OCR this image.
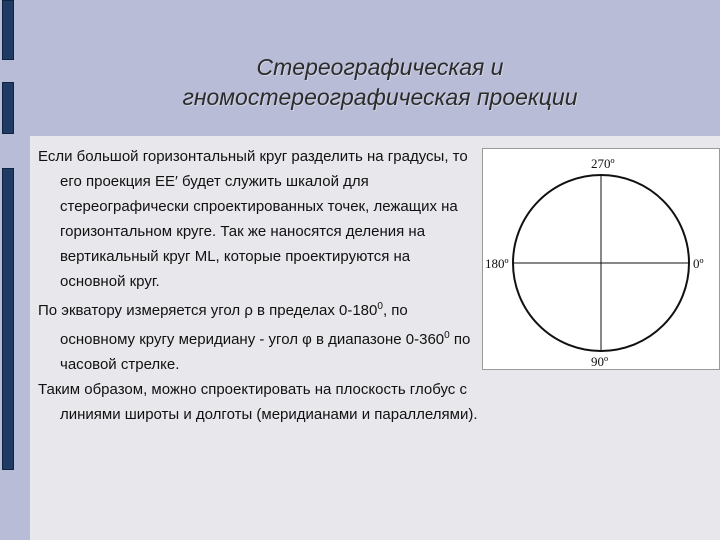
Стереографическая и
гномостереографическая проекции

Если большой горизонтальный круг разделить на градусы, то его проекция EE′ будет служить шкалой для стереографически спроектированных точек, лежащих на горизонтальном круге. Так же наносятся деления на вертикальный круг ML, которые проектируются на основной круг.

По экватору измеряется угол ρ в пределах $0-180^0$, по основному кругу меридиану - угол φ в диапазоне $0-360^0$ по часовой стрелке.

Таким образом, можно спроектировать на плоскость глобус с линиями широты и долготы (меридианами и параллелями).

270º
180º	0º
90º
